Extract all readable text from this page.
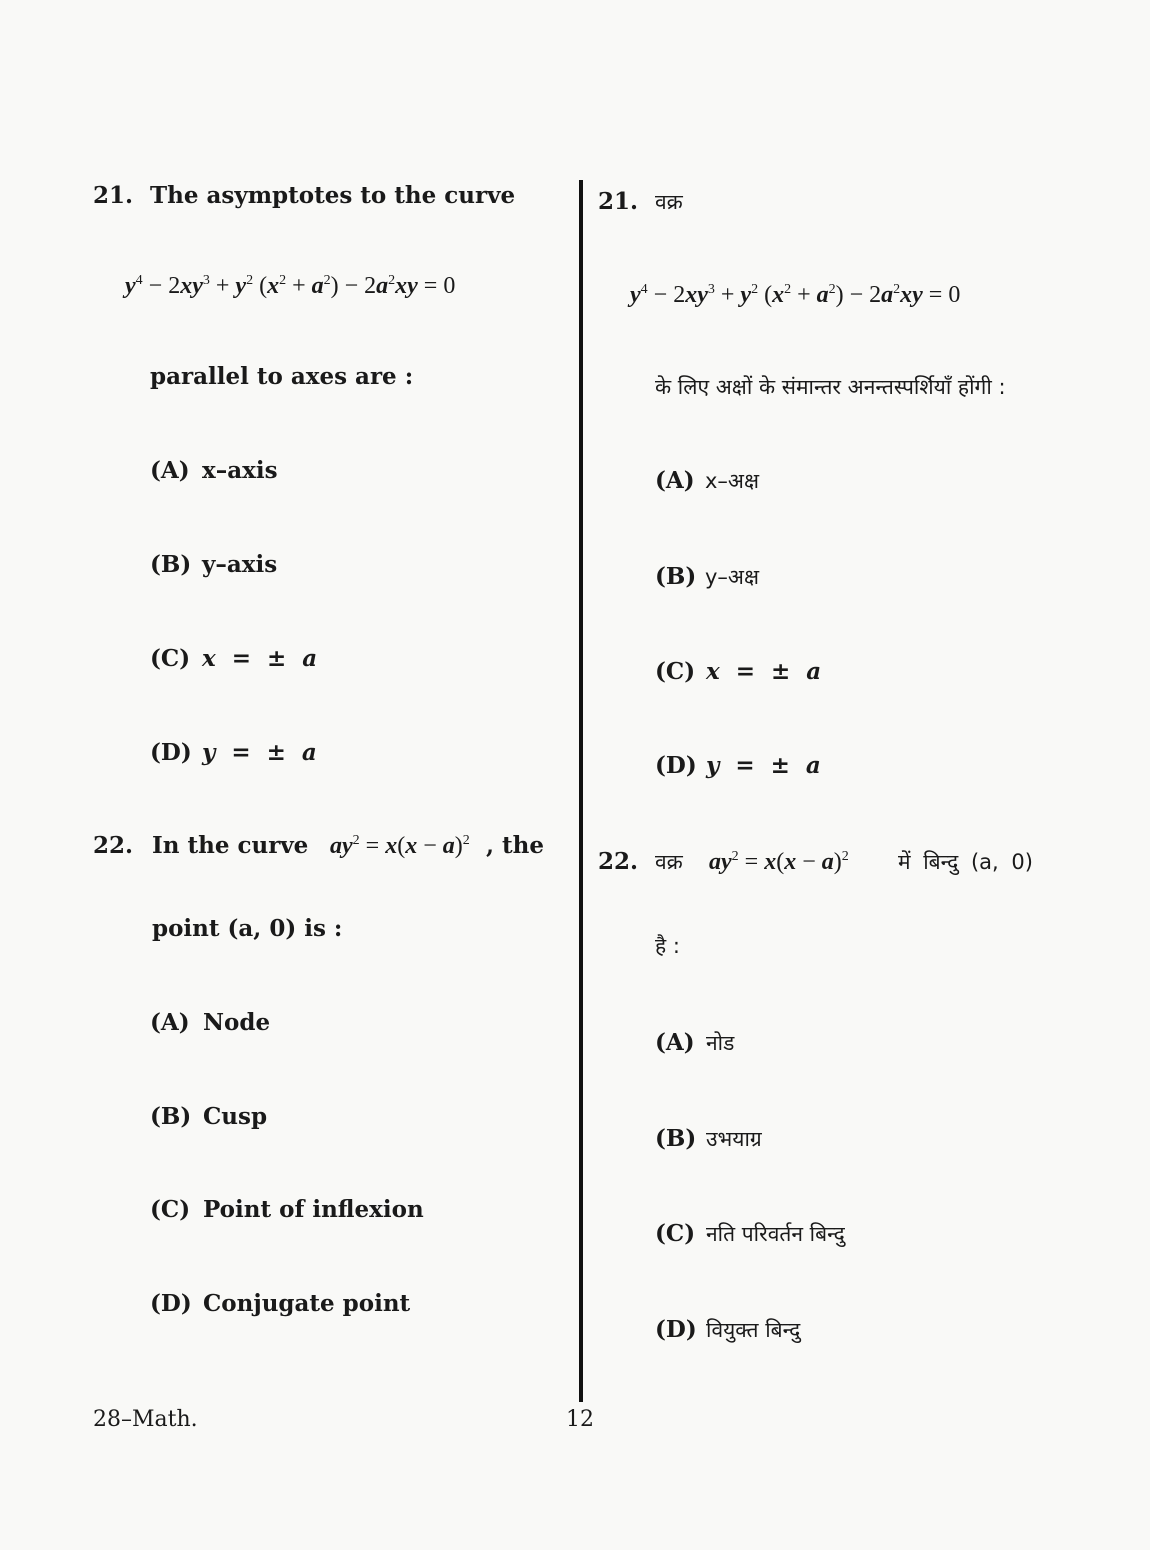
21. The asymptotes to the curve
$y^4 - 2xy^3 + y^2$ $(x^2 + a^2) - 2a^2xy = 0$
parallel to axes are :
(A) x–axis
(B) y–axis
(C) x = ± a
(D) y = ± a
22. In the curve $ay^2 = x(x - a)^2$ , the
point (a, 0) is :
(A) Node
(B) Cusp
(C) Point of inflexion
(D) Conjugate point
21. वक्र
$y^4 - 2xy^3 + y^2$ $(x^2 + a^2) - 2a^2xy = 0$
के लिए अक्षों के संमान्तर अनन्तस्पर्शियाँ होंगी :
(A) x–अक्ष
(B) y–अक्ष
(C) x = ± a
(D) y = ± a
22. वक्र $ay^2 = x(x - a)^2$ में बिन्दु (a, 0)
है :
(A) नोड
(B) उभयाग्र
(C) नति परिवर्तन बिन्दु
(D) वियुक्त बिन्दु
28–Math.	12
